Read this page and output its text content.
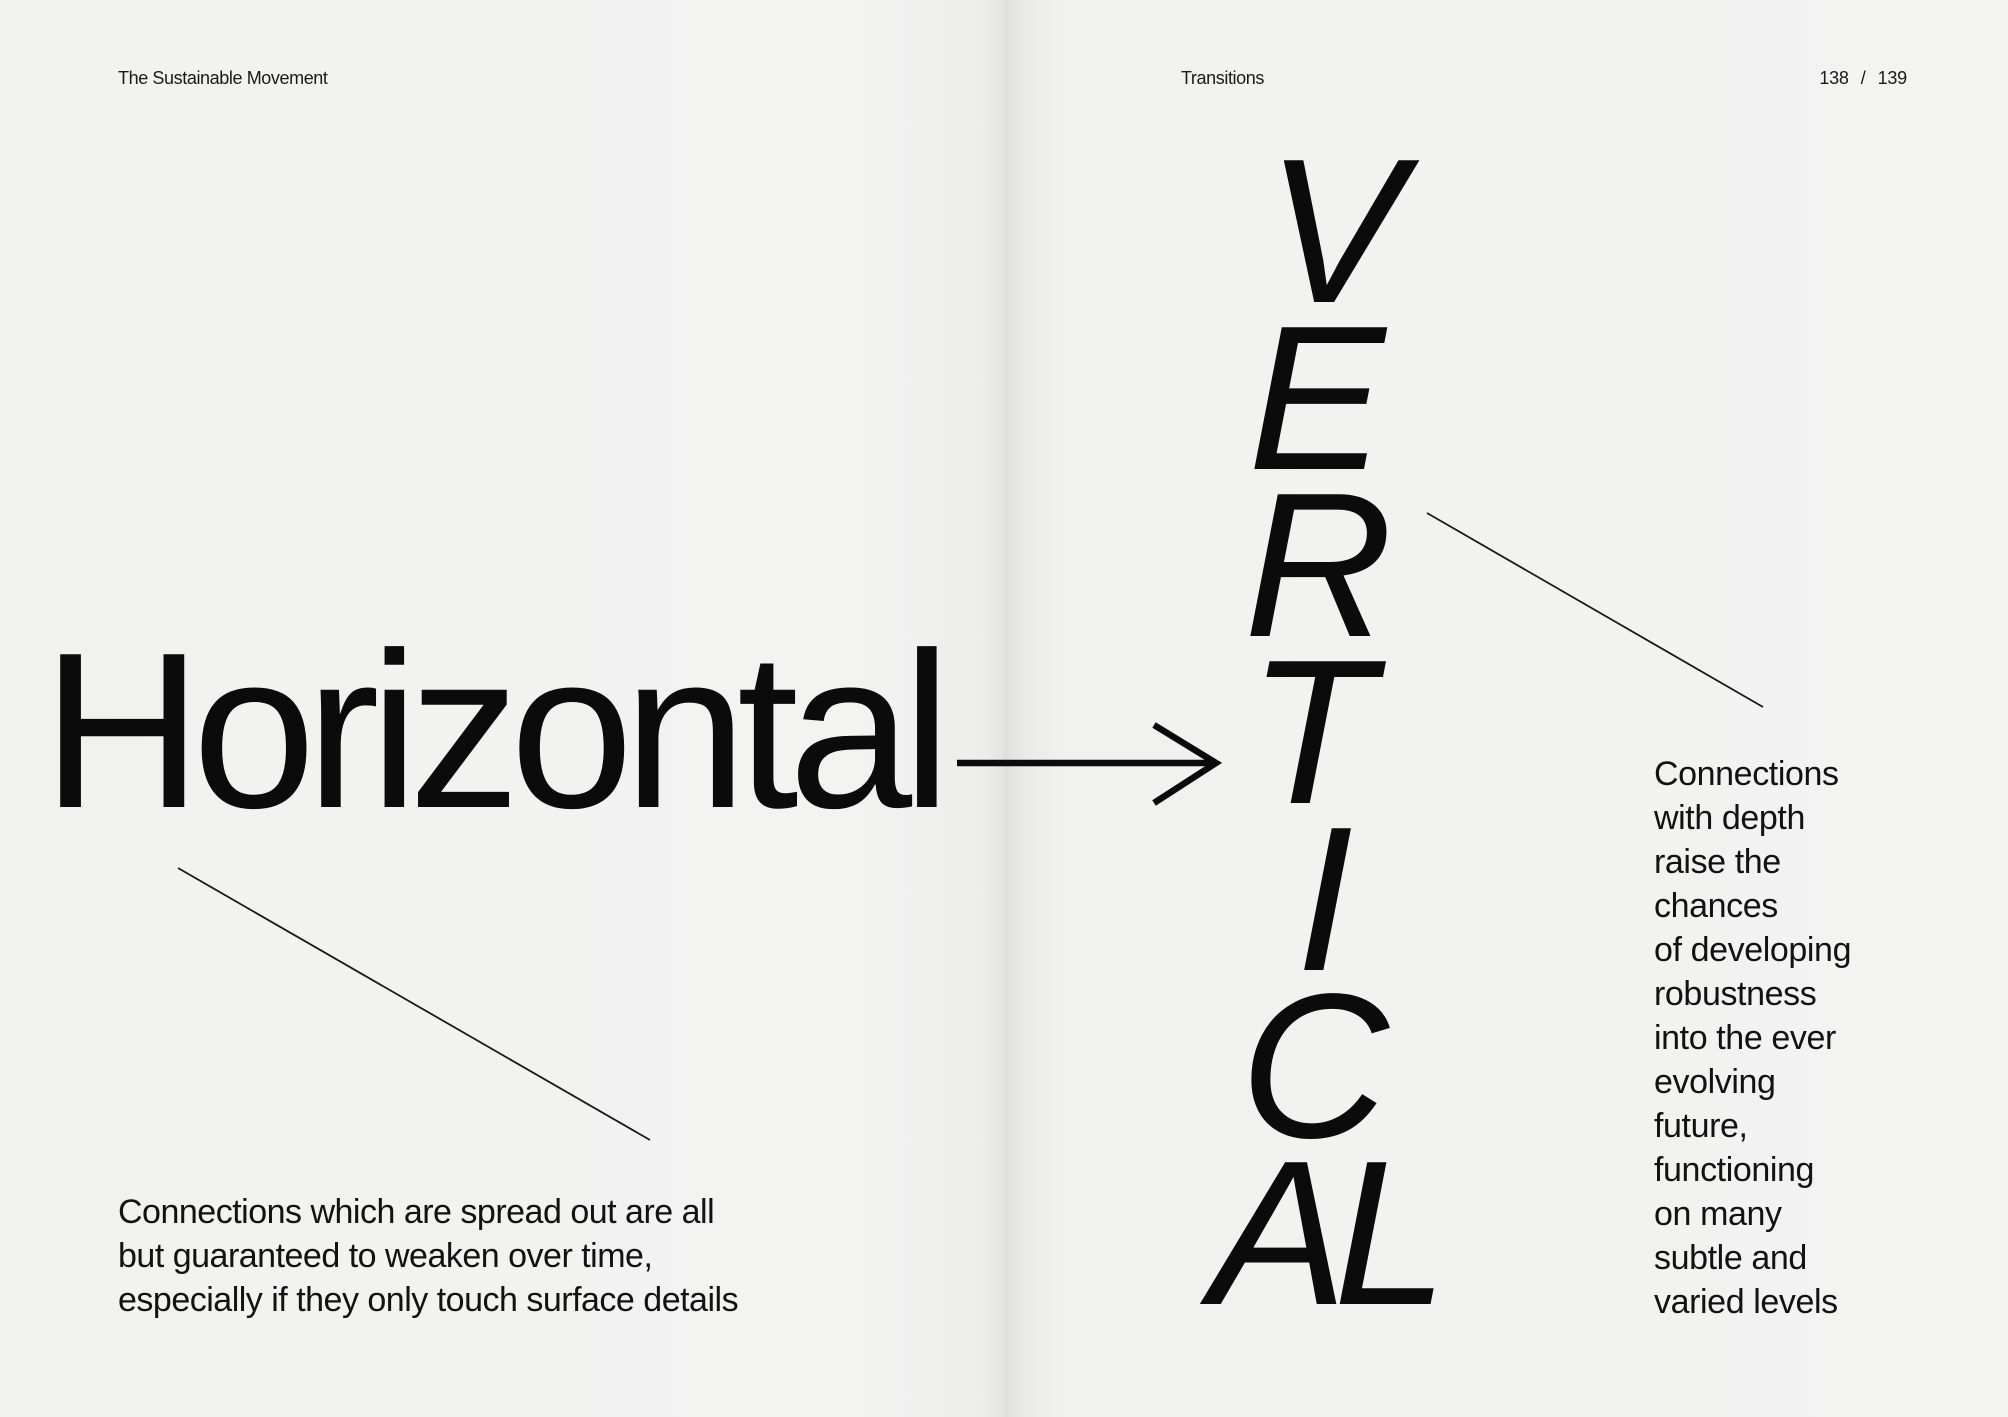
The Sustainable Movement	Transitions	138 / 139
Horizontal
V
E
R
T
I
C
AL
Connections which are spread out are all
but guaranteed to weaken over time,
especially if they only touch surface details
Connections
with depth
raise the
chances
of developing
robustness
into the ever
evolving
future,
functioning
on many
subtle and
varied levels
